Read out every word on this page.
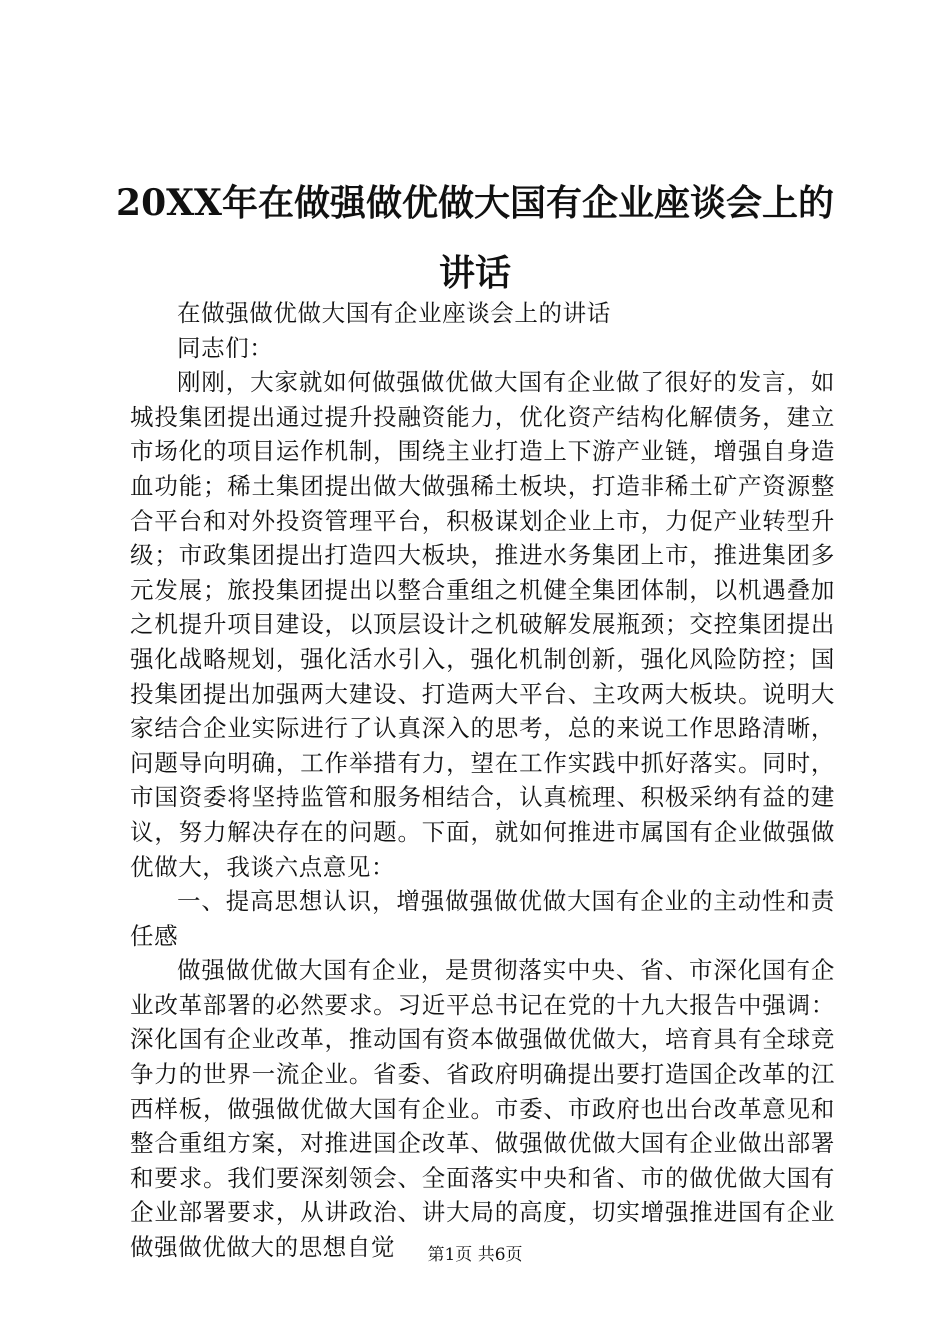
20XX年在做强做优做大国有企业座谈会上的讲话

在做强做优做大国有企业座谈会上的讲话

同志们：

刚刚，大家就如何做强做优做大国有企业做了很好的发言，如城投集团提出通过提升投融资能力，优化资产结构化解债务，建立市场化的项目运作机制，围绕主业打造上下游产业链，增强自身造血功能；稀土集团提出做大做强稀土板块，打造非稀土矿产资源整合平台和对外投资管理平台，积极谋划企业上市，力促产业转型升级；市政集团提出打造四大板块，推进水务集团上市，推进集团多元发展；旅投集团提出以整合重组之机健全集团体制，以机遇叠加之机提升项目建设，以顶层设计之机破解发展瓶颈；交控集团提出强化战略规划，强化活水引入，强化机制创新，强化风险防控；国投集团提出加强两大建设、打造两大平台、主攻两大板块。说明大家结合企业实际进行了认真深入的思考，总的来说工作思路清晰，问题导向明确，工作举措有力，望在工作实践中抓好落实。同时，市国资委将坚持监管和服务相结合，认真梳理、积极采纳有益的建议，努力解决存在的问题。下面，就如何推进市属国有企业做强做优做大，我谈六点意见：

一、提高思想认识，增强做强做优做大国有企业的主动性和责任感

做强做优做大国有企业，是贯彻落实中央、省、市深化国有企业改革部署的必然要求。习近平总书记在党的十九大报告中强调：深化国有企业改革，推动国有资本做强做优做大，培育具有全球竞争力的世界一流企业。省委、省政府明确提出要打造国企改革的江西样板，做强做优做大国有企业。市委、市政府也出台改革意见和整合重组方案，对推进国企改革、做强做优做大国有企业做出部署和要求。我们要深刻领会、全面落实中央和省、市的做优做大国有企业部署要求，从讲政治、讲大局的高度，切实增强推进国有企业做强做优做大的思想自觉	第1页 共6页
